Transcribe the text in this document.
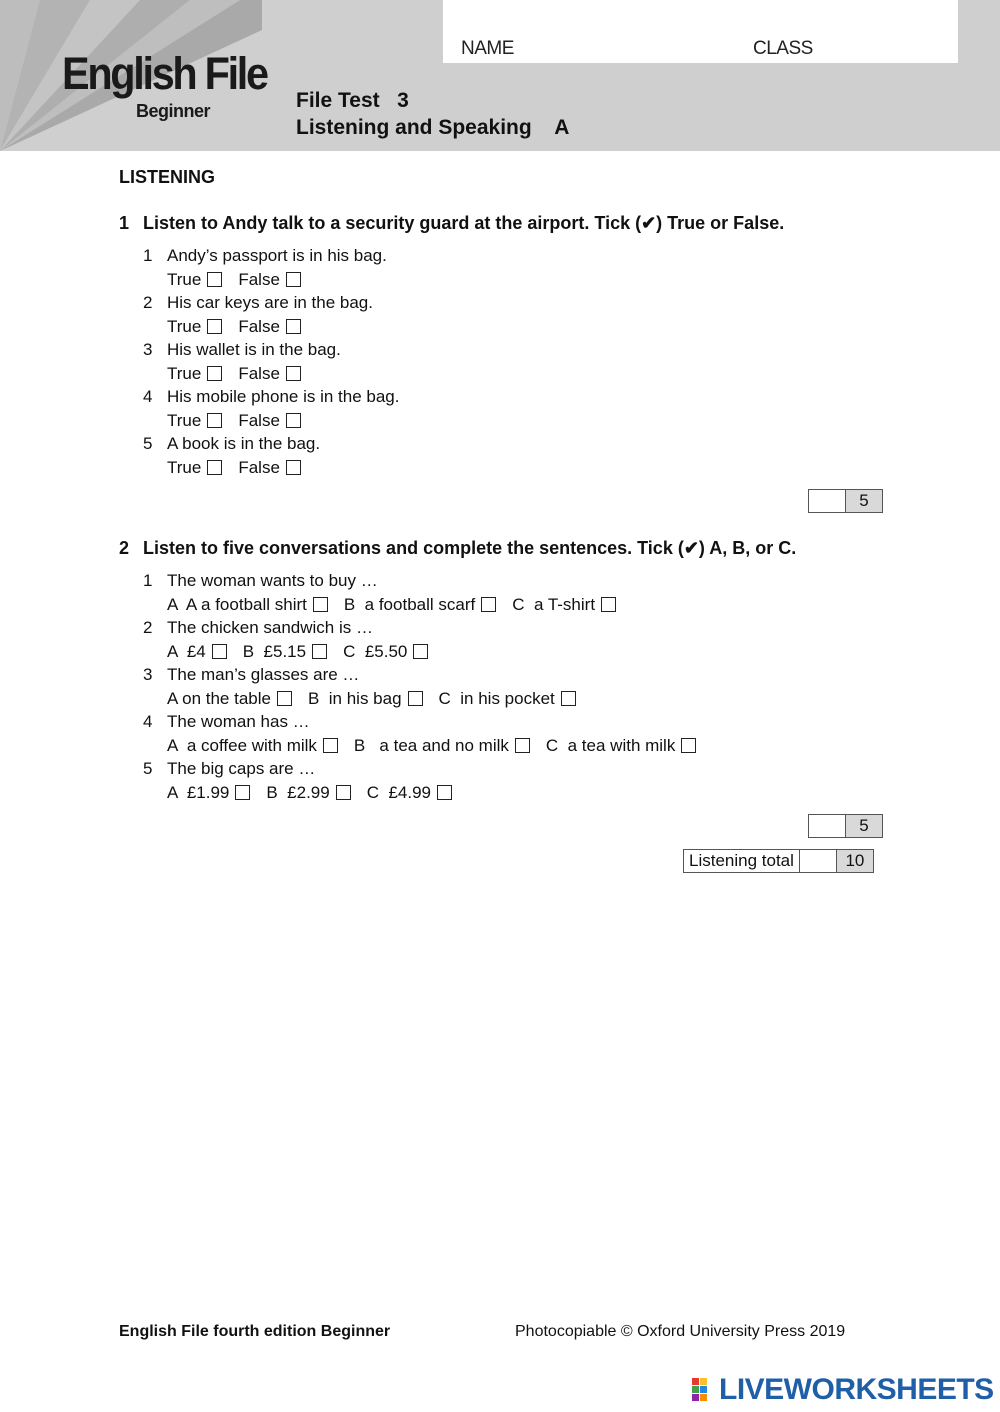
English File
Beginner
NAME	CLASS
File Test   3
Listening and Speaking    A
LISTENING
1 Listen to Andy talk to a security guard at the airport. Tick (✔) True or False.
1 Andy’s passport is in his bag.
True False
2 His car keys are in the bag.
True False
3 His wallet is in the bag.
True False
4 His mobile phone is in the bag.
True False
5 A book is in the bag.
True False
5
2 Listen to five conversations and complete the sentences. Tick (✔) A, B, or C.
1 The woman wants to buy …
A  A a football shirt B  a football scarf C  a T-shirt
2 The chicken sandwich is …
A  £4 B  £5.15 C  £5.50
3 The man’s glasses are …
A on the table B  in his bag C  in his pocket
4 The woman has …
A  a coffee with milk B   a tea and no milk C  a tea with milk
5 The big caps are …
A  £1.99 B  £2.99 C  £4.99
5
Listening total	10
English File fourth edition Beginner	Photocopiable © Oxford University Press 2019
LIVEWORKSHEETS
